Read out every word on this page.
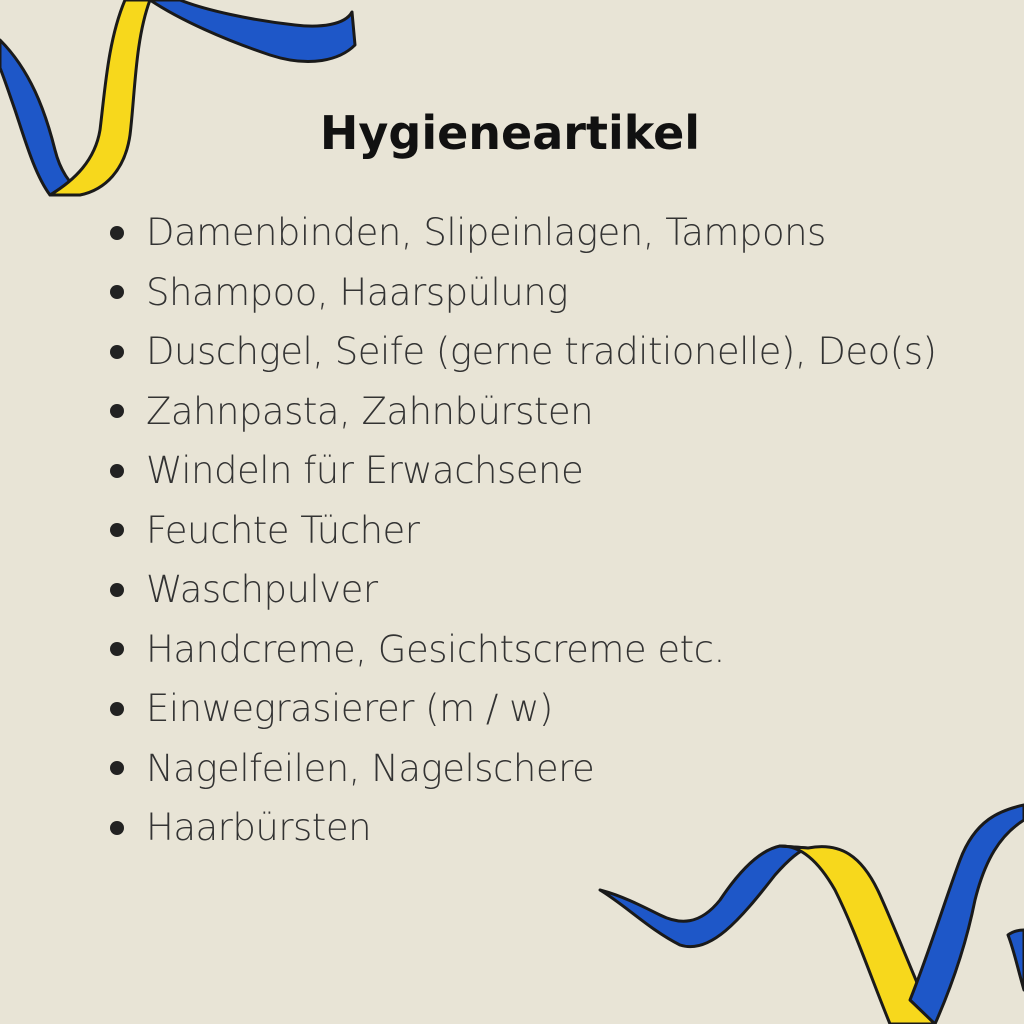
Hygieneartikel
Damenbinden, Slipeinlagen, Tampons
Shampoo, Haarspülung
Duschgel, Seife (gerne traditionelle), Deo(s)
Zahnpasta, Zahnbürsten
Windeln für Erwachsene
Feuchte Tücher
Waschpulver
Handcreme, Gesichtscreme etc.
Einwegrasierer (m / w)
Nagelfeilen, Nagelschere
Haarbürsten
